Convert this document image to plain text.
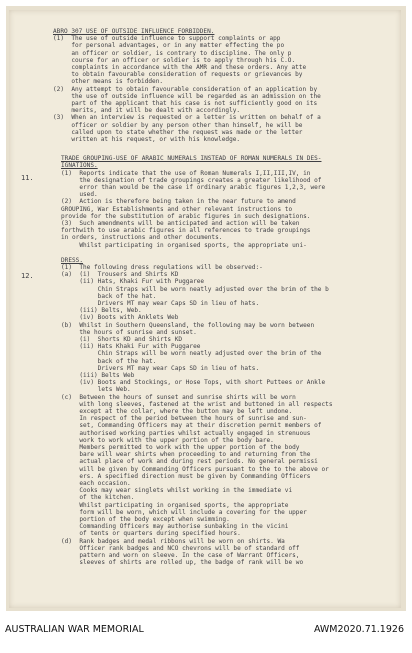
ABRO 307 USE OF OUTSIDE INFLUENCE FORBIDDEN.
(1)  The use of outside influence to support complaints or app
for personal advantages, or in any matter effecting the po
an officer or soldier, is contrary to discipline. The only p
course for an officer or soldier is to apply through his C.O.
complaints in accordance with the AMR and these orders. Any atte
to obtain favourable consideration of requests or grievances by
other means is forbidden.
(2)  Any attempt to obtain favourable consideration of an application by
the use of outside influence will be regarded as an admission on the
part of the applicant that his case is not sufficiently good on its
merits, and it will be dealt with accordingly.
(3)  When an interview is requested or a letter is written on behalf of a
officer or soldier by any person other than himself, he will be
called upon to state whether the request was made or the letter
written at his request, or with his knowledge.
TRADE GROUPING-USE OF ARABIC NUMERALS INSTEAD OF ROMAN NUMERALS IN DES-
IGNATIONS.
(1)  Reports indicate that the use of Roman Numerals I,II,III,IV, in
the designation of trade groupings creates a greater likelihood of
error than would be the case if ordinary arabic figures 1,2,3, were
used.
(2)  Action is therefore being taken in the near future to amend
GROUPING, War Establishments and other relevant instructions to
provide for the substitution of arabic figures in such designations.
(3)  Such amendments will be anticipated and action will be taken
forthwith to use arabic figures in all references to trade groupings
in orders, instructions and other documents.
Whilst participating in organised sports, the appropriate uni-
DRESS.
(1)  The following dress regulations will be observed:-
(a)  (i)  Trousers and Shirts KD
(ii) Hats, Khaki Fur with Puggaree
Chin Straps will be worn neatly adjusted over the brim of the b
back of the hat.
Drivers MT may wear Caps SD in lieu of hats.
(iii) Belts, Web.
(iv) Boots with Anklets Web
(b)  Whilst in Southern Queensland, the following may be worn between
the hours of sunrise and sunset.
(i)  Shorts KD and Shirts KD
(ii) Hats Khaki Fur with Puggaree
Chin Straps will be worn neatly adjusted over the brim of the
back of the hat.
Drivers MT may wear Caps SD in lieu of hats.
(iii) Belts Web
(iv) Boots and Stockings, or Hose Tops, with short Puttees or Ankle
lets Web.
(c)  Between the hours of sunset and sunrise shirts will be worn
with long sleeves, fastened at the wrist and buttoned in all respects
except at the collar, where the button may be left undone.
In respect of the period between the hours of sunrise and sun-
set, Commanding Officers may at their discretion permit members of
authorised working parties whilst actually engaged in strenuous
work to work with the upper portion of the body bare.
Members permitted to work with the upper portion of the body
bare will wear shirts when proceeding to and returning from the
actual place of work and during rest periods. No general permissi
will be given by Commanding Officers pursuant to the to the above or
ers. A specified direction must be given by Commanding Officers
each occasion.
Cooks may wear singlets whilst working in the immediate vi
of the kitchen.
Whilst participating in organised sports, the appropriate
form will be worn, which will include a covering for the upper
portion of the body except when swimming.
Commanding Officers may authorise sunbaking in the vicini
of tents or quarters during specified hours.
(d)  Rank badges and medal ribbons will be worn on shirts. Wa
Officer rank badges and NCO chevrons will be of standard off
pattern and worn on sleeve. In the case of Warrant Officers,
sleeves of shirts are rolled up, the badge of rank will be wo
11.
12.
AUSTRALIAN WAR MEMORIAL	AWM2020.71.1926
